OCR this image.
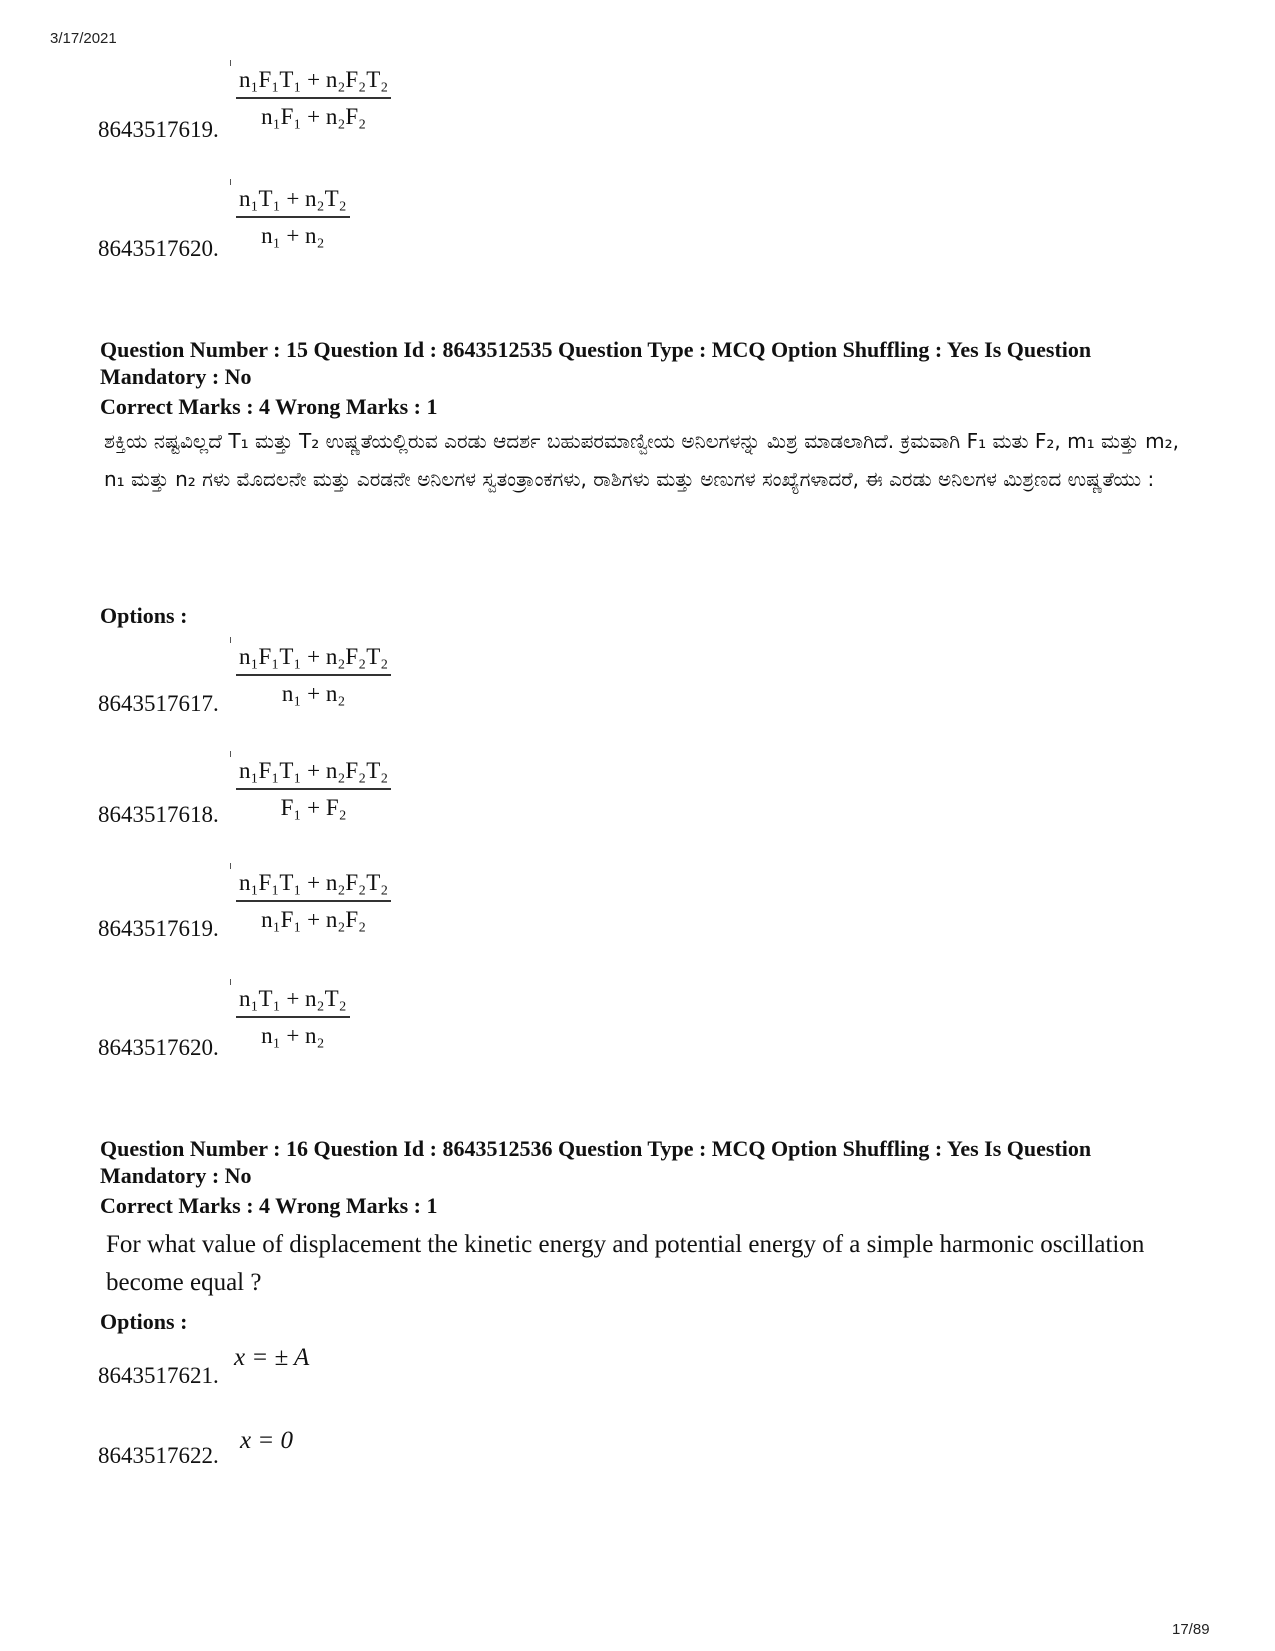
3/17/2021
$\frac{\text{n₁F₁T₁ + n₂F₂T₂}}{\text{n₁F₁ + n₂F₂}}$
8643517619.
$\frac{\text{n₁T₁ + n₂T₂}}{\text{n₁ + n₂}}$
8643517620.
Question Number : 15 Question Id : 8643512535 Question Type : MCQ Option Shuffling : Yes Is Question Mandatory : No
Correct Marks : 4 Wrong Marks : 1
ಶಕ್ತಿಯ ನಷ್ಟವಿಲ್ಲದೆ T₁ ಮತ್ತು T₂ ಉಷ್ಣತೆಯಲ್ಲಿರುವ ಎರಡು ಆದರ್ಶ ಬಹುಪರಮಾಣ್ವೀಯ ಅನಿಲಗಳನ್ನು ಮಿಶ್ರ ಮಾಡಲಾಗಿದೆ. ಕ್ರಮವಾಗಿ F₁ ಮತು F₂, m₁ ಮತ್ತು m₂, n₁ ಮತ್ತು n₂ ಗಳು ಮೊದಲನೇ ಮತ್ತು ಎರಡನೇ ಅನಿಲಗಳ ಸ್ವತಂತ್ರಾಂಕಗಳು, ರಾಶಿಗಳು ಮತ್ತು ಅಣುಗಳ ಸಂಖ್ಯೆಗಳಾದರೆ, ಈ ಎರಡು ಅನಿಲಗಳ ಮಿಶ್ರಣದ ಉಷ್ಣತೆಯು :
Options :
$\frac{\text{n₁F₁T₁ + n₂F₂T₂}}{\text{n₁ + n₂}}$
8643517617.
$\frac{\text{n₁F₁T₁ + n₂F₂T₂}}{\text{F₁ + F₂}}$
8643517618.
$\frac{\text{n₁F₁T₁ + n₂F₂T₂}}{\text{n₁F₁ + n₂F₂}}$
8643517619.
$\frac{\text{n₁T₁ + n₂T₂}}{\text{n₁ + n₂}}$
8643517620.
Question Number : 16 Question Id : 8643512536 Question Type : MCQ Option Shuffling : Yes Is Question Mandatory : No
Correct Marks : 4 Wrong Marks : 1
For what value of displacement the kinetic energy and potential energy of a simple harmonic oscillation become equal ?
Options :
x = ± A
8643517621.
x = 0
8643517622.
17/89
